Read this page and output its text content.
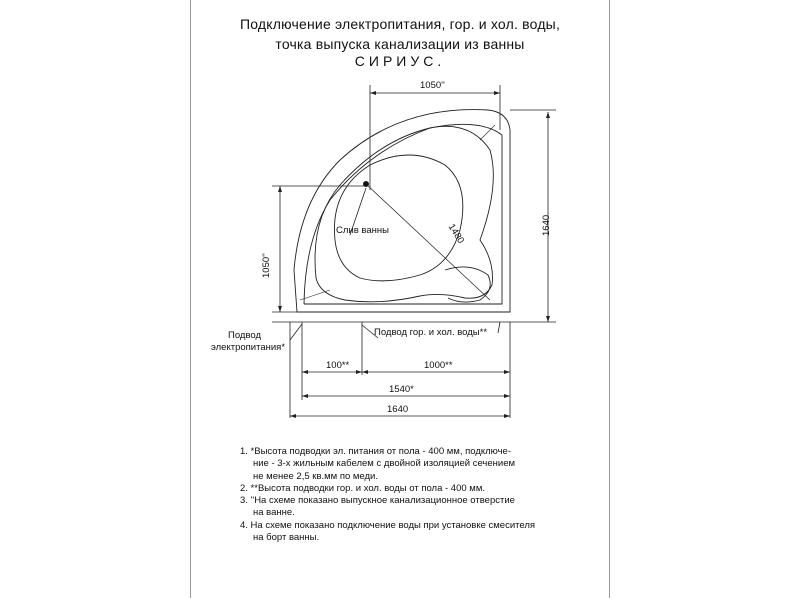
Подключение электропитания, гор. и хол. воды,
точка выпуска канализации из ванны
СИРИУС.
1050''
1640
1050''
1480
100**	1000**
1540*
1640
Слив ванны
Подвод
электропитания*
Подвод гор. и хол. воды**
1. *Высота подводки эл. питания от пола - 400 мм, подключе-
ние - 3-х жильным кабелем с двойной изоляцией сечением
не менее 2,5 кв.мм по меди.
2. **Высота подводки гор. и хол. воды от пола - 400 мм.
3. ''На схеме показано выпускное канализационное отверстие
на ванне.
4. На схеме показано подключение воды при установке смесителя
на борт ванны.
